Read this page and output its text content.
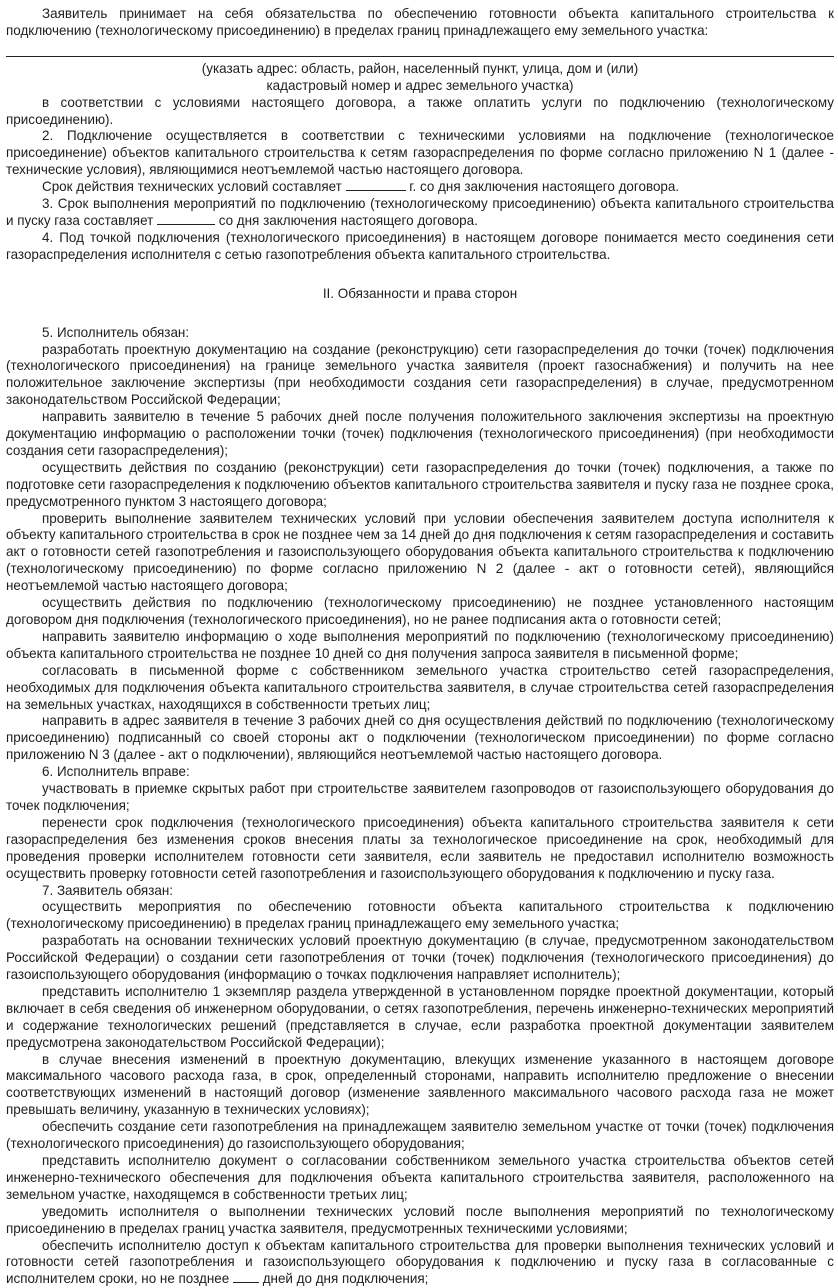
Заявитель принимает на себя обязательства по обеспечению готовности объекта капитального строительства к подключению (технологическому присоединению) в пределах границ принадлежащего ему земельного участка:

(указать адрес: область, район, населенный пункт, улица, дом и (или)

кадастровый номер и адрес земельного участка)

в соответствии с условиями настоящего договора, а также оплатить услуги по подключению (технологическому присоединению).

2. Подключение осуществляется в соответствии с техническими условиями на подключение (технологическое присоединение) объектов капитального строительства к сетям газораспределения по форме согласно приложению N 1 (далее - технические условия), являющимися неотъемлемой частью настоящего договора.

Срок действия технических условий составляет	г. со дня заключения настоящего договора.

3. Срок выполнения мероприятий по подключению (технологическому присоединению) объекта капитального строительства и пуску газа составляет	со дня заключения настоящего договора.

4. Под точкой подключения (технологического присоединения) в настоящем договоре понимается место соединения сети газораспределения исполнителя с сетью газопотребления объекта капитального строительства.

II. Обязанности и права сторон

5. Исполнитель обязан:

разработать проектную документацию на создание (реконструкцию) сети газораспределения до точки (точек) подключения (технологического присоединения) на границе земельного участка заявителя (проект газоснабжения) и получить на нее положительное заключение экспертизы (при необходимости создания сети газораспределения) в случае, предусмотренном законодательством Российской Федерации;

направить заявителю в течение 5 рабочих дней после получения положительного заключения экспертизы на проектную документацию информацию о расположении точки (точек) подключения (технологического присоединения) (при необходимости создания сети газораспределения);

осуществить действия по созданию (реконструкции) сети газораспределения до точки (точек) подключения, а также по подготовке сети газораспределения к подключению объектов капитального строительства заявителя и пуску газа не позднее срока, предусмотренного пунктом 3 настоящего договора;

проверить выполнение заявителем технических условий при условии обеспечения заявителем доступа исполнителя к объекту капитального строительства в срок не позднее чем за 14 дней до дня подключения к сетям газораспределения и составить акт о готовности сетей газопотребления и газоиспользующего оборудования объекта капитального строительства к подключению (технологическому присоединению) по форме согласно приложению N 2 (далее - акт о готовности сетей), являющийся неотъемлемой частью настоящего договора;

осуществить действия по подключению (технологическому присоединению) не позднее установленного настоящим договором дня подключения (технологического присоединения), но не ранее подписания акта о готовности сетей;

направить заявителю информацию о ходе выполнения мероприятий по подключению (технологическому присоединению) объекта капитального строительства не позднее 10 дней со дня получения запроса заявителя в письменной форме;

согласовать в письменной форме с собственником земельного участка строительство сетей газораспределения, необходимых для подключения объекта капитального строительства заявителя, в случае строительства сетей газораспределения на земельных участках, находящихся в собственности третьих лиц;

направить в адрес заявителя в течение 3 рабочих дней со дня осуществления действий по подключению (технологическому присоединению) подписанный со своей стороны акт о подключении (технологическом присоединении) по форме согласно приложению N 3 (далее - акт о подключении), являющийся неотъемлемой частью настоящего договора.

6. Исполнитель вправе:

участвовать в приемке скрытых работ при строительстве заявителем газопроводов от газоиспользующего оборудования до точек подключения;

перенести срок подключения (технологического присоединения) объекта капитального строительства заявителя к сети газораспределения без изменения сроков внесения платы за технологическое присоединение на срок, необходимый для проведения проверки исполнителем готовности сети заявителя, если заявитель не предоставил исполнителю возможность осуществить проверку готовности сетей газопотребления и газоиспользующего оборудования к подключению и пуску газа.

7. Заявитель обязан:

осуществить мероприятия по обеспечению готовности объекта капитального строительства к подключению (технологическому присоединению) в пределах границ принадлежащего ему земельного участка;

разработать на основании технических условий проектную документацию (в случае, предусмотренном законодательством Российской Федерации) о создании сети газопотребления от точки (точек) подключения (технологического присоединения) до газоиспользующего оборудования (информацию о точках подключения направляет исполнитель);

представить исполнителю 1 экземпляр раздела утвержденной в установленном порядке проектной документации, который включает в себя сведения об инженерном оборудовании, о сетях газопотребления, перечень инженерно-технических мероприятий и содержание технологических решений (представляется в случае, если разработка проектной документации заявителем предусмотрена законодательством Российской Федерации);

в случае внесения изменений в проектную документацию, влекущих изменение указанного в настоящем договоре максимального часового расхода газа, в срок, определенный сторонами, направить исполнителю предложение о внесении соответствующих изменений в настоящий договор (изменение заявленного максимального часового расхода газа не может превышать величину, указанную в технических условиях);

обеспечить создание сети газопотребления на принадлежащем заявителю земельном участке от точки (точек) подключения (технологического присоединения) до газоиспользующего оборудования;

представить исполнителю документ о согласовании собственником земельного участка строительства объектов сетей инженерно-технического обеспечения для подключения объекта капитального строительства заявителя, расположенного на земельном участке, находящемся в собственности третьих лиц;

уведомить исполнителя о выполнении технических условий после выполнения мероприятий по технологическому присоединению в пределах границ участка заявителя, предусмотренных техническими условиями;

обеспечить исполнителю доступ к объектам капитального строительства для проверки выполнения технических условий и готовности сетей газопотребления и газоиспользующего оборудования к подключению и пуску газа в согласованные с исполнителем сроки, но не позднее дней до дня подключения;
